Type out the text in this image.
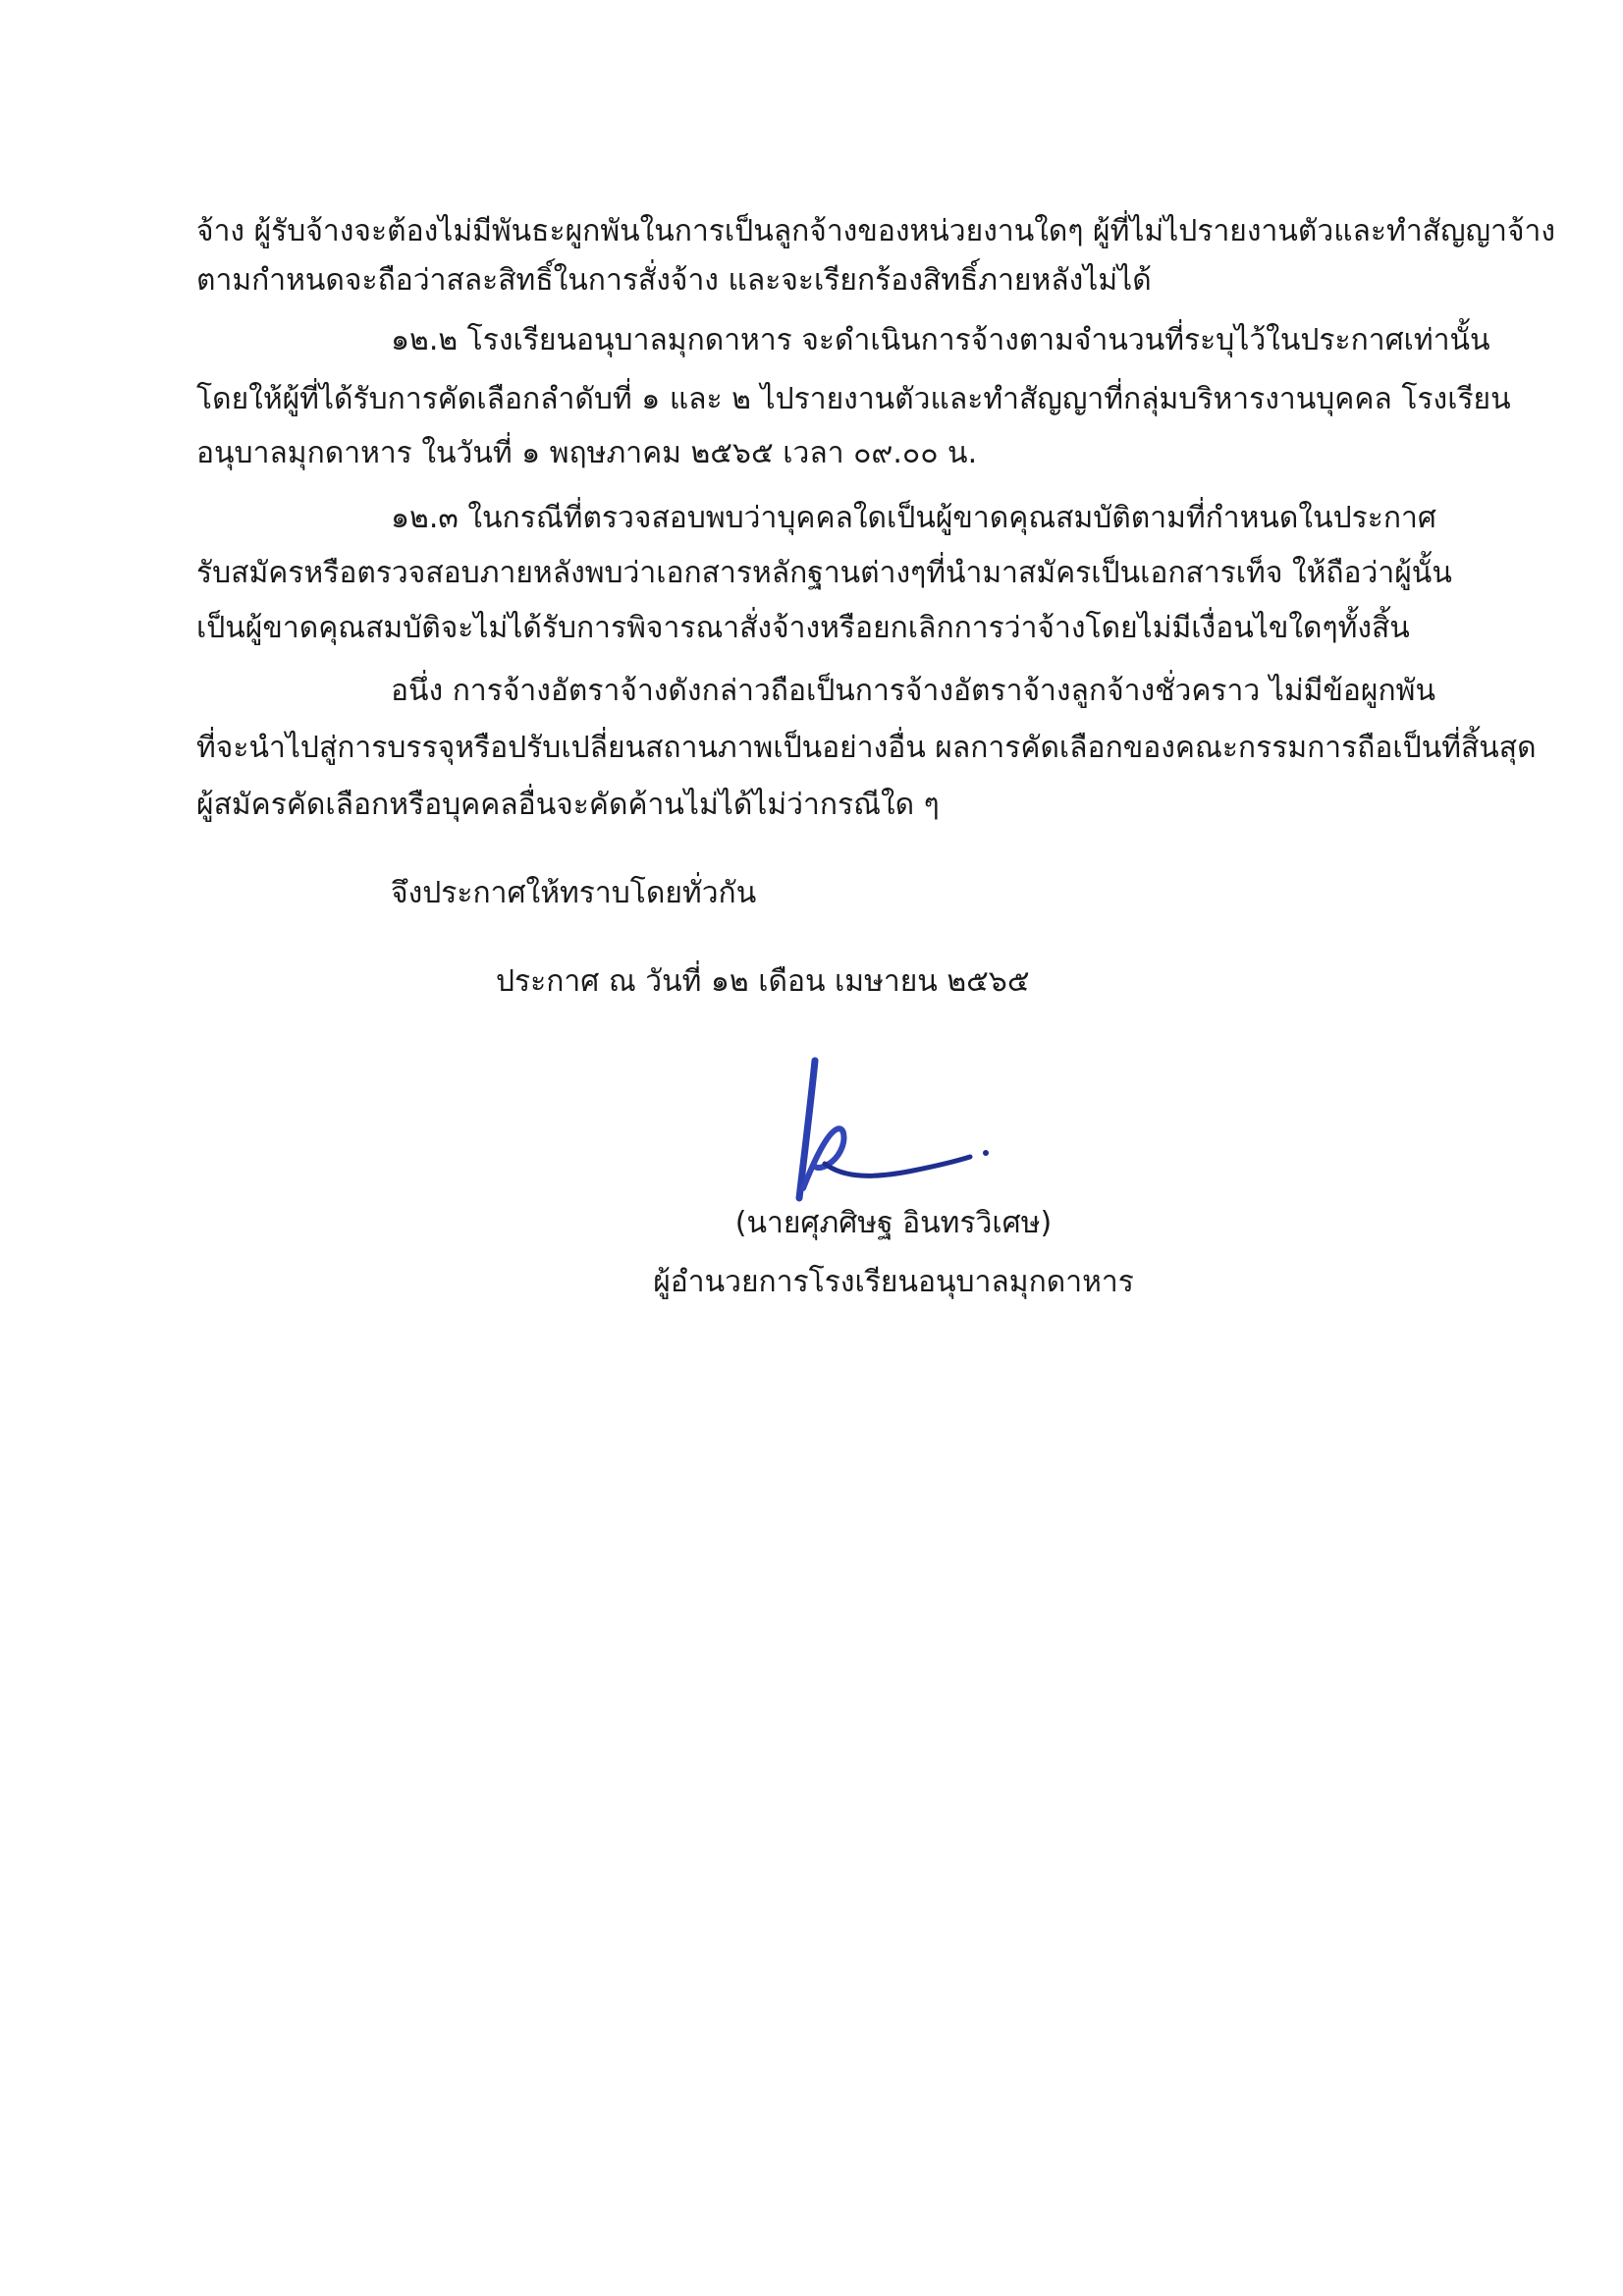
จ้าง ผู้รับจ้างจะต้องไม่มีพันธะผูกพันในการเป็นลูกจ้างของหน่วยงานใดๆ ผู้ที่ไม่ไปรายงานตัวและทำสัญญาจ้าง
ตามกำหนดจะถือว่าสละสิทธิ์ในการสั่งจ้าง และจะเรียกร้องสิทธิ์ภายหลังไม่ได้
๑๒.๒ โรงเรียนอนุบาลมุกดาหาร จะดำเนินการจ้างตามจำนวนที่ระบุไว้ในประกาศเท่านั้น
โดยให้ผู้ที่ได้รับการคัดเลือกลำดับที่ ๑ และ ๒ ไปรายงานตัวและทำสัญญาที่กลุ่มบริหารงานบุคคล โรงเรียน
อนุบาลมุกดาหาร ในวันที่ ๑ พฤษภาคม ๒๕๖๕ เวลา ๐๙.๐๐ น.
๑๒.๓ ในกรณีที่ตรวจสอบพบว่าบุคคลใดเป็นผู้ขาดคุณสมบัติตามที่กำหนดในประกาศ
รับสมัครหรือตรวจสอบภายหลังพบว่าเอกสารหลักฐานต่างๆที่นำมาสมัครเป็นเอกสารเท็จ ให้ถือว่าผู้นั้น
เป็นผู้ขาดคุณสมบัติจะไม่ได้รับการพิจารณาสั่งจ้างหรือยกเลิกการว่าจ้างโดยไม่มีเงื่อนไขใดๆทั้งสิ้น
อนึ่ง การจ้างอัตราจ้างดังกล่าวถือเป็นการจ้างอัตราจ้างลูกจ้างชั่วคราว ไม่มีข้อผูกพัน
ที่จะนำไปสู่การบรรจุหรือปรับเปลี่ยนสถานภาพเป็นอย่างอื่น ผลการคัดเลือกของคณะกรรมการถือเป็นที่สิ้นสุด
ผู้สมัครคัดเลือกหรือบุคคลอื่นจะคัดค้านไม่ได้ไม่ว่ากรณีใด ๆ
จึงประกาศให้ทราบโดยทั่วกัน
ประกาศ ณ วันที่ ๑๒ เดือน เมษายน ๒๕๖๕
(นายศุภศิษฐ อินทรวิเศษ)
ผู้อำนวยการโรงเรียนอนุบาลมุกดาหาร
